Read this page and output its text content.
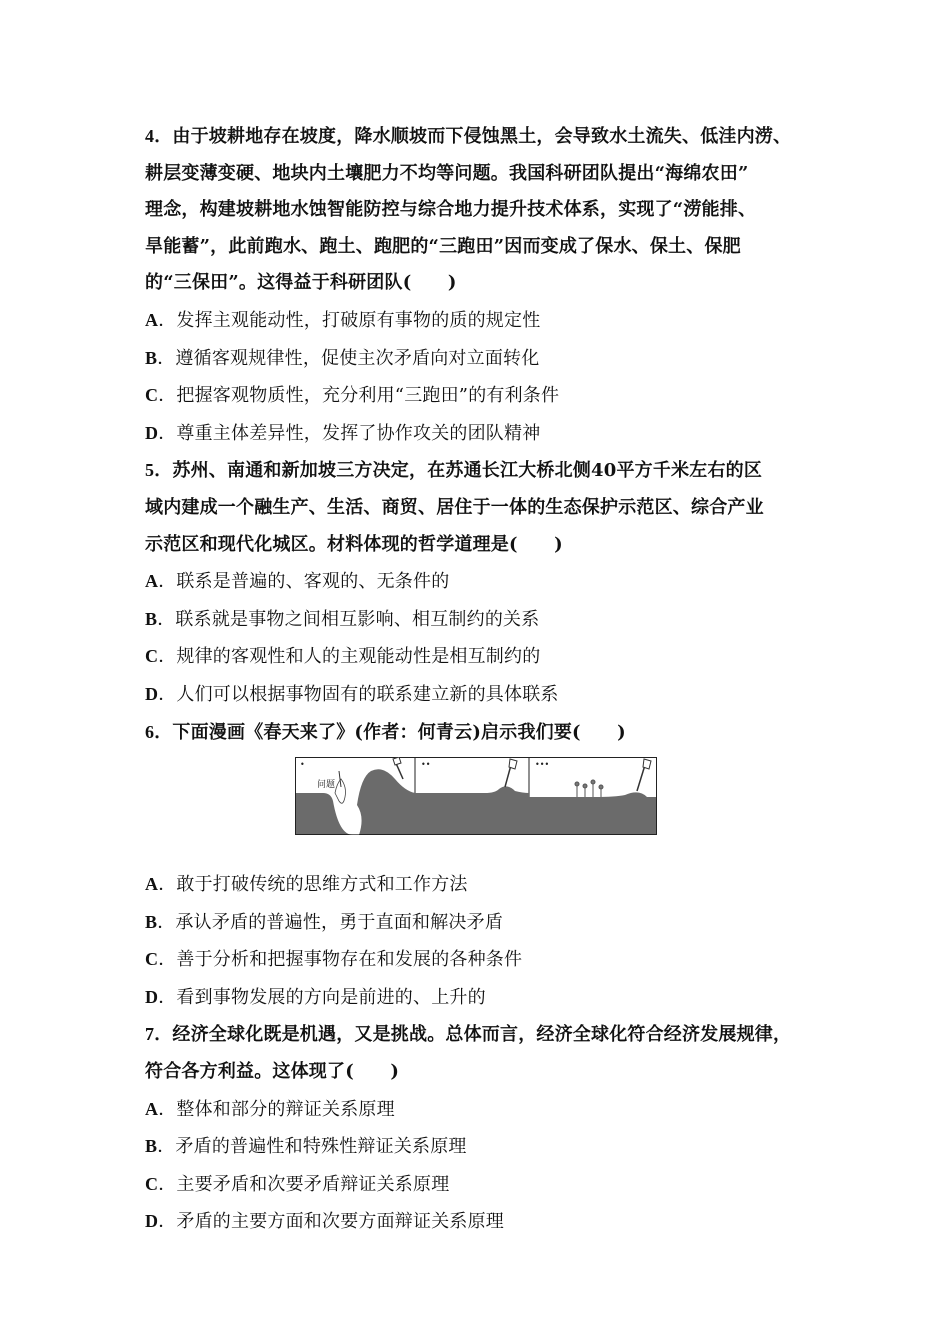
4．由于坡耕地存在坡度，降水顺坡而下侵蚀黑土，会导致水土流失、低洼内涝、
耕层变薄变硬、地块内土壤肥力不均等问题。我国科研团队提出“海绵农田”
理念，构建坡耕地水蚀智能防控与综合地力提升技术体系，实现了“涝能排、
旱能蓄”，此前跑水、跑土、跑肥的“三跑田”因而变成了保水、保土、保肥
的“三保田”。这得益于科研团队(　　)
A．发挥主观能动性，打破原有事物的质的规定性
B．遵循客观规律性，促使主次矛盾向对立面转化
C．把握客观物质性，充分利用“三跑田”的有利条件
D．尊重主体差异性，发挥了协作攻关的团队精神
5．苏州、南通和新加坡三方决定，在苏通长江大桥北侧40平方千米左右的区
域内建成一个融生产、生活、商贸、居住于一体的生态保护示范区、综合产业
示范区和现代化城区。材料体现的哲学道理是(　　)
A．联系是普遍的、客观的、无条件的
B．联系就是事物之间相互影响、相互制约的关系
C．规律的客观性和人的主观能动性是相互制约的
D．人们可以根据事物固有的联系建立新的具体联系
6．下面漫画《春天来了》(作者：何青云)启示我们要(　　)
•
问题
••	•••
A．敢于打破传统的思维方式和工作方法
B．承认矛盾的普遍性，勇于直面和解决矛盾
C．善于分析和把握事物存在和发展的各种条件
D．看到事物发展的方向是前进的、上升的
7．经济全球化既是机遇，又是挑战。总体而言，经济全球化符合经济发展规律，
符合各方利益。这体现了(　　)
A．整体和部分的辩证关系原理
B．矛盾的普遍性和特殊性辩证关系原理
C．主要矛盾和次要矛盾辩证关系原理
D．矛盾的主要方面和次要方面辩证关系原理
